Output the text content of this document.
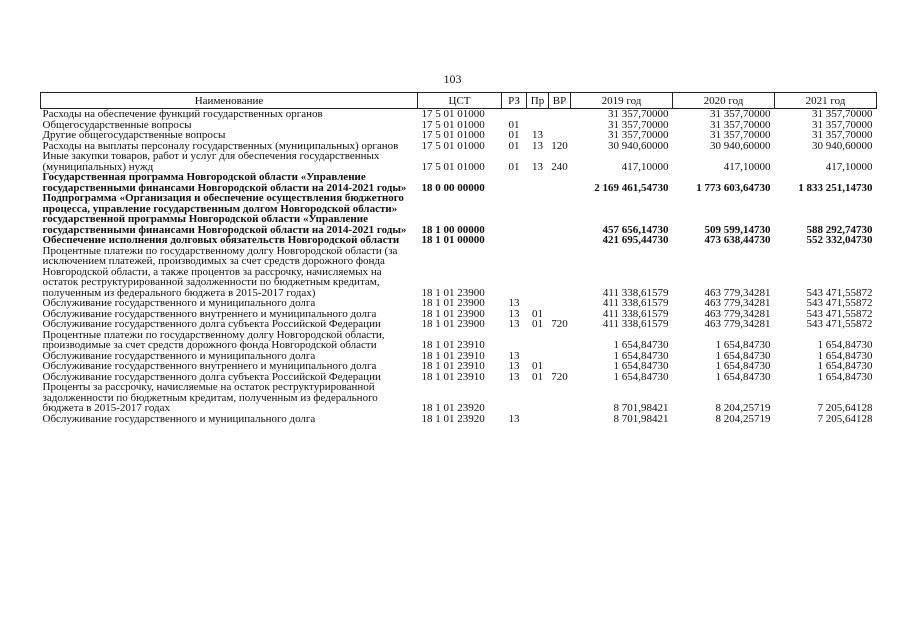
103
Наименование	ЦСТ	РЗ	Пр	ВР	2019 год	2020 год	2021 год
Расходы на обеспечение функций государственных органов	17 5 01 01000				31 357,70000	31 357,70000	31 357,70000
Общегосударственные вопросы	17 5 01 01000	01			31 357,70000	31 357,70000	31 357,70000
Другие общегосударственные вопросы	17 5 01 01000	01	13		31 357,70000	31 357,70000	31 357,70000
Расходы на выплаты персоналу государственных (муниципальных) органов	17 5 01 01000	01	13	120	30 940,60000	30 940,60000	30 940,60000
Иные закупки товаров, работ и услуг для обеспечения государственных (муниципальных) нужд	17 5 01 01000	01	13	240	417,10000	417,10000	417,10000
Государственная программа Новгородской области «Управление государственными финансами Новгородской области на 2014-2021 годы»	18 0 00 00000				2 169 461,54730	1 773 603,64730	1 833 251,14730
Подпрограмма «Организация и обеспечение осуществления бюджетного процесса, управление государственным долгом Новгородской области» государственной программы Новгородской области «Управление государственными финансами Новгородской области на 2014-2021 годы»	18 1 00 00000				457 656,14730	509 599,14730	588 292,74730
Обеспечение исполнения долговых обязательств Новгородской области	18 1 01 00000				421 695,44730	473 638,44730	552 332,04730
Процентные платежи по государственному долгу Новгородской области (за исключением платежей, производимых за счет средств дорожного фонда Новгородской области, а также процентов за рассрочку, начисляемых на остаток реструктурированной задолженности по бюджетным кредитам, полученным из федерального бюджета в 2015-2017 годах)	18 1 01 23900				411 338,61579	463 779,34281	543 471,55872
Обслуживание государственного и муниципального долга	18 1 01 23900	13			411 338,61579	463 779,34281	543 471,55872
Обслуживание государственного внутреннего и муниципального долга	18 1 01 23900	13	01		411 338,61579	463 779,34281	543 471,55872
Обслуживание государственного долга субъекта Российской Федерации	18 1 01 23900	13	01	720	411 338,61579	463 779,34281	543 471,55872
Процентные платежи по государственному долгу Новгородской области, производимые за счет средств дорожного фонда Новгородской области	18 1 01 23910				1 654,84730	1 654,84730	1 654,84730
Обслуживание государственного и муниципального долга	18 1 01 23910	13			1 654,84730	1 654,84730	1 654,84730
Обслуживание государственного внутреннего и муниципального долга	18 1 01 23910	13	01		1 654,84730	1 654,84730	1 654,84730
Обслуживание государственного долга субъекта Российской Федерации	18 1 01 23910	13	01	720	1 654,84730	1 654,84730	1 654,84730
Проценты за рассрочку, начисляемые на остаток реструктурированной задолженности по бюджетным кредитам, полученным из федерального бюджета в 2015-2017 годах	18 1 01 23920				8 701,98421	8 204,25719	7 205,64128
Обслуживание государственного и муниципального долга	18 1 01 23920	13			8 701,98421	8 204,25719	7 205,64128
